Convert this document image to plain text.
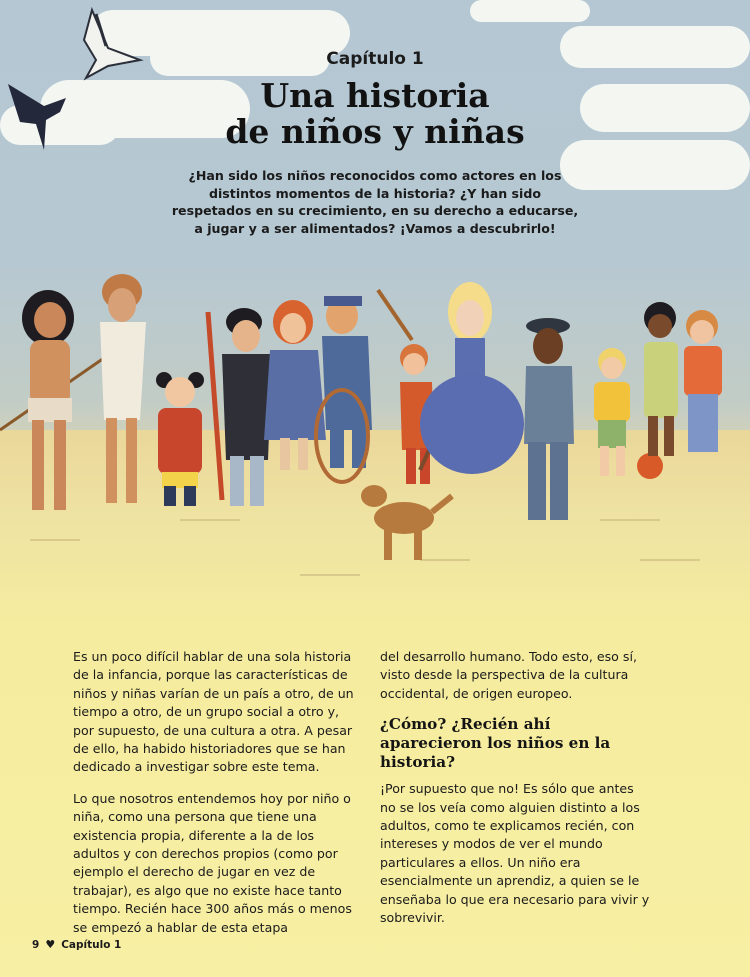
Capítulo 1
Una historia
de niños y niñas

¿Han sido los niños reconocidos como actores en los distintos momentos de la historia? ¿Y han sido respetados en su crecimiento, en su derecho a educarse, a jugar y a ser alimentados? ¡Vamos a descubrirlo!

Es un poco difícil hablar de una sola historia de la infancia, porque las características de niños y niñas varían de un país a otro, de un tiempo a otro, de un grupo social a otro y, por supuesto, de una cultura a otra. A pesar de ello, ha habido historiadores que se han dedicado a investigar sobre este tema.

Lo que nosotros entendemos hoy por niño o niña, como una persona que tiene una existencia propia, diferente a la de los adultos y con derechos propios (como por ejemplo el derecho de jugar en vez de trabajar), es algo que no existe hace tanto tiempo. Recién hace 300 años más o menos se empezó a hablar de esta etapa

del desarrollo humano. Todo esto, eso sí, visto desde la perspectiva de la cultura occidental, de origen europeo.

¿Cómo? ¿Recién ahí aparecieron los niños en la historia?

¡Por supuesto que no! Es sólo que antes no se los veía como alguien distinto a los adultos, como te explicamos recién, con intereses y modos de ver el mundo particulares a ellos. Un niño era esencialmente un aprendiz, a quien se le enseñaba lo que era necesario para vivir y sobrevivir.

9 ♥ Capítulo 1
